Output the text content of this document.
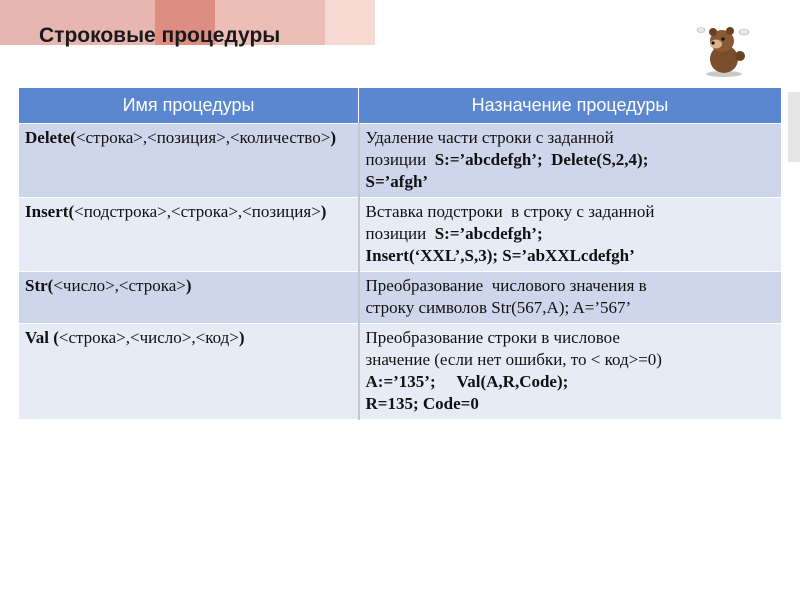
Строковые процедуры
Имя процедуры	Назначение процедуры
Delete(<строка>,<позиция>,<количество>)	Удаление части строки с заданной
позиции  S:=’abcdefgh’;  Delete(S,2,4);
S=’afgh’

Insert(<подстрока>,<строка>,<позиция>)	Вставка подстроки  в строку с заданной
позиции  S:=’abcdefgh’;
Insert(‘XXL’,S,3); S=’abXXLcdefgh’

Str(<число>,<строка>)	Преобразование  числового значения в
строку символов Str(567,A); A=’567’

Val (<строка>,<число>,<код>)	Преобразование строки в числовое
значение (если нет ошибки, то < код>=0)
A:=’135’;     Val(A,R,Code);
R=135; Code=0
